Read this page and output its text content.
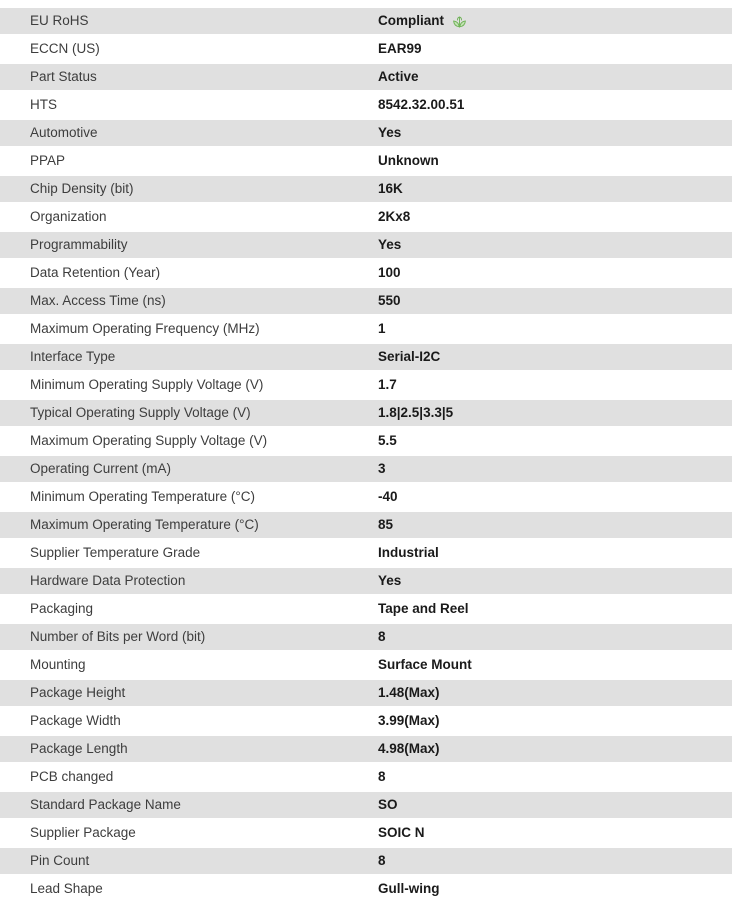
EU RoHS	Compliant
ECCN (US)	EAR99
Part Status	Active
HTS	8542.32.00.51
Automotive	Yes
PPAP	Unknown
Chip Density (bit)	16K
Organization	2Kx8
Programmability	Yes
Data Retention (Year)	100
Max. Access Time (ns)	550
Maximum Operating Frequency (MHz)	1
Interface Type	Serial-I2C
Minimum Operating Supply Voltage (V)	1.7
Typical Operating Supply Voltage (V)	1.8|2.5|3.3|5
Maximum Operating Supply Voltage (V)	5.5
Operating Current (mA)	3
Minimum Operating Temperature (°C)	-40
Maximum Operating Temperature (°C)	85
Supplier Temperature Grade	Industrial
Hardware Data Protection	Yes
Packaging	Tape and Reel
Number of Bits per Word (bit)	8
Mounting	Surface Mount
Package Height	1.48(Max)
Package Width	3.99(Max)
Package Length	4.98(Max)
PCB changed	8
Standard Package Name	SO
Supplier Package	SOIC N
Pin Count	8
Lead Shape	Gull-wing
